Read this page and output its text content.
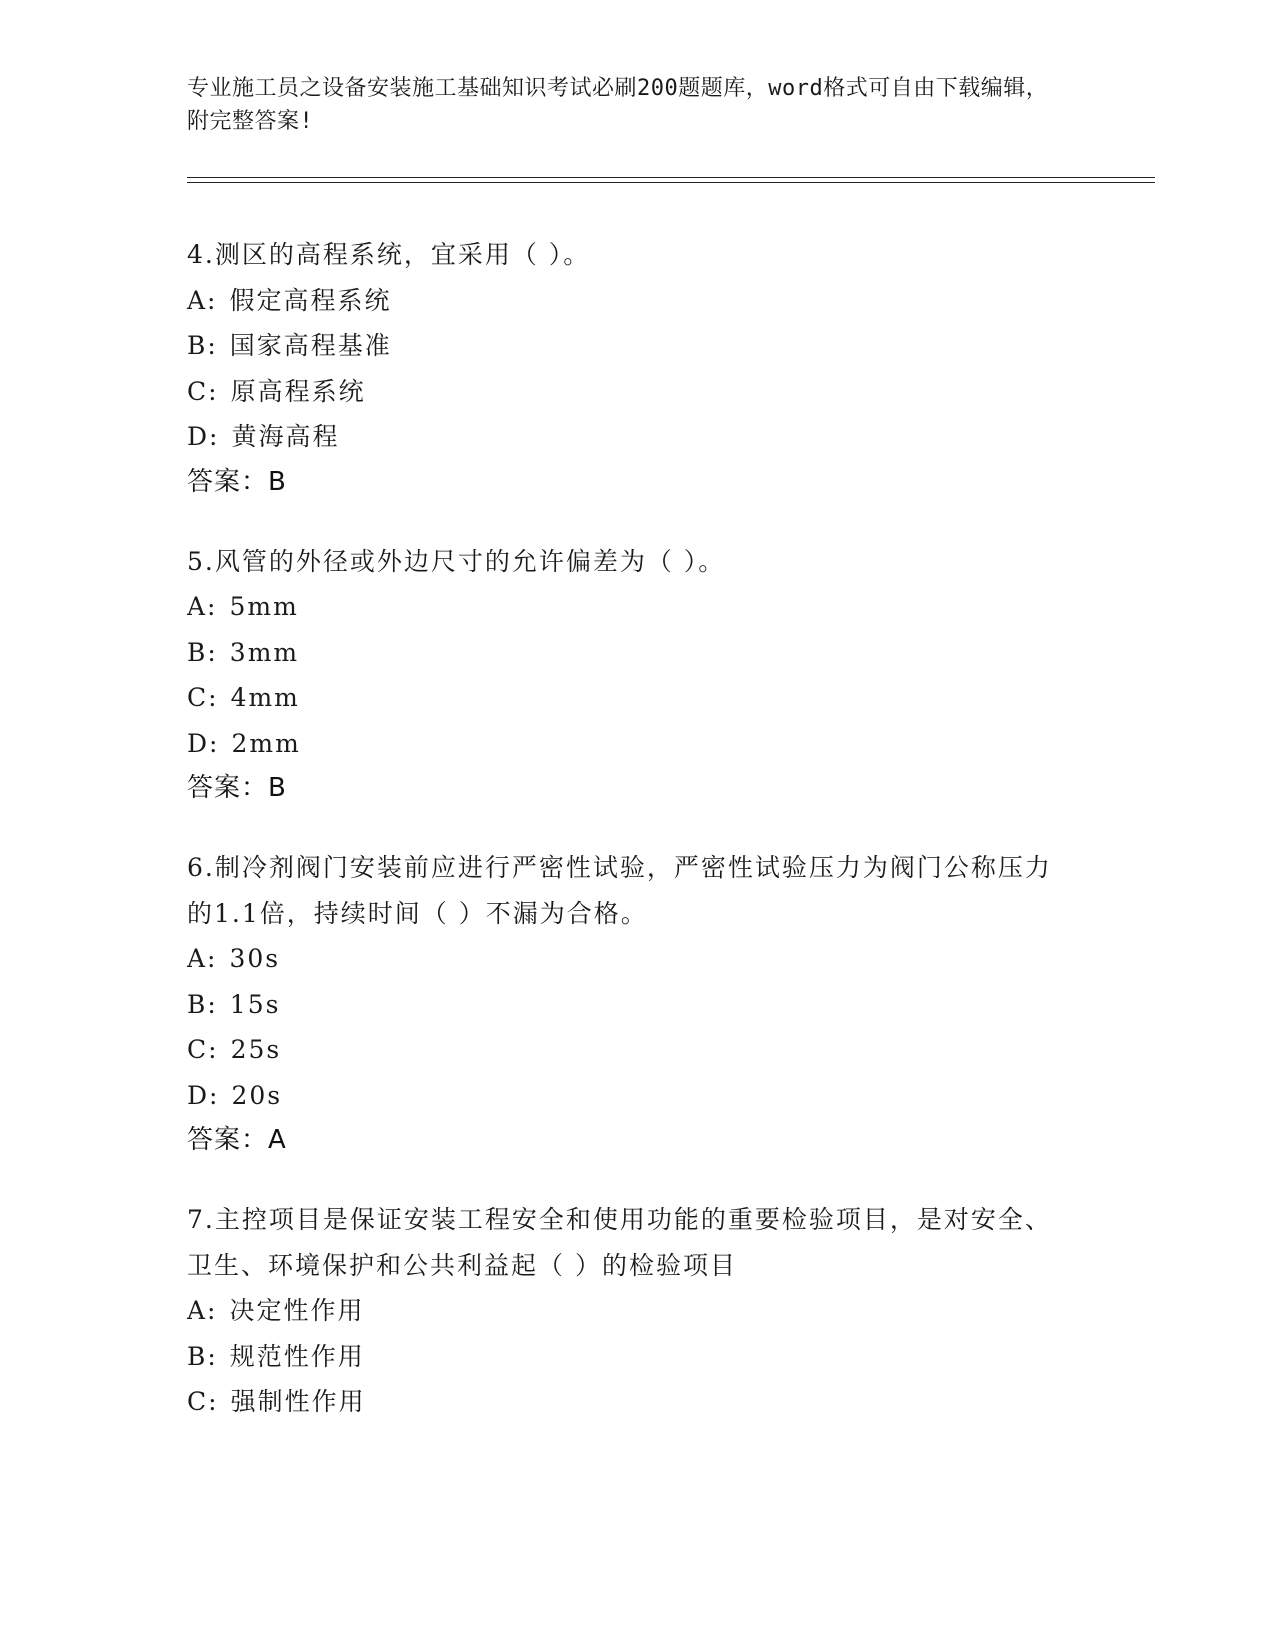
专业施工员之设备安装施工基础知识考试必刷200题题库，word格式可自由下载编辑，附完整答案!
4.测区的高程系统，宜采用（ ）。
A: 假定高程系统
B: 国家高程基准
C: 原高程系统
D: 黄海高程
答案：B
5.风管的外径或外边尺寸的允许偏差为（ ）。
A: 5mm
B: 3mm
C: 4mm
D: 2mm
答案：B
6.制冷剂阀门安装前应进行严密性试验，严密性试验压力为阀门公称压力的1.1倍，持续时间（ ）不漏为合格。
A: 30s
B: 15s
C: 25s
D: 20s
答案：A
7.主控项目是保证安装工程安全和使用功能的重要检验项目，是对安全、卫生、环境保护和公共利益起（ ）的检验项目
A: 决定性作用
B: 规范性作用
C: 强制性作用
